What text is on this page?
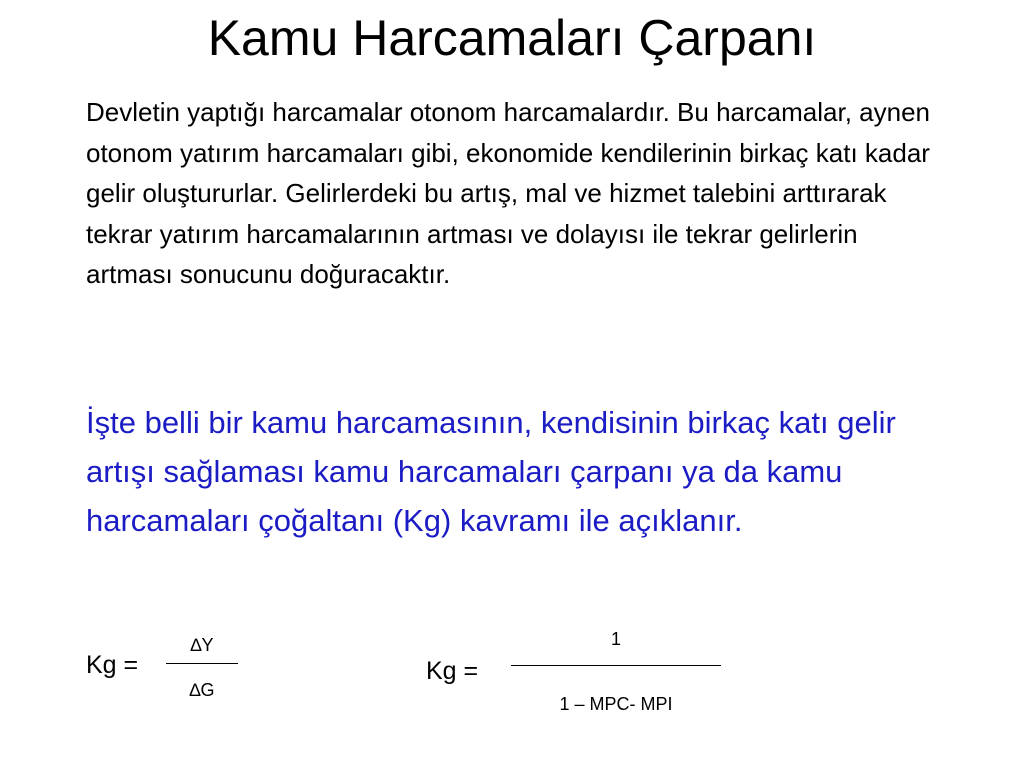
Kamu Harcamaları Çarpanı

Devletin yaptığı harcamalar otonom harcamalardır. Bu harcamalar, aynen otonom yatırım harcamaları gibi, ekonomide kendilerinin birkaç katı kadar gelir oluştururlar. Gelirlerdeki bu artış, mal ve hizmet talebini arttırarak tekrar yatırım harcamalarının artması ve dolayısı ile tekrar gelirlerin artması sonucunu doğuracaktır.

İşte belli bir kamu harcamasının, kendisinin birkaç katı gelir artışı sağlaması kamu harcamaları çarpanı ya da kamu harcamaları çoğaltanı (Kg) kavramı ile açıklanır.

Kg =
∆Y
∆G
Kg =
1
1 – MPC- MPI
